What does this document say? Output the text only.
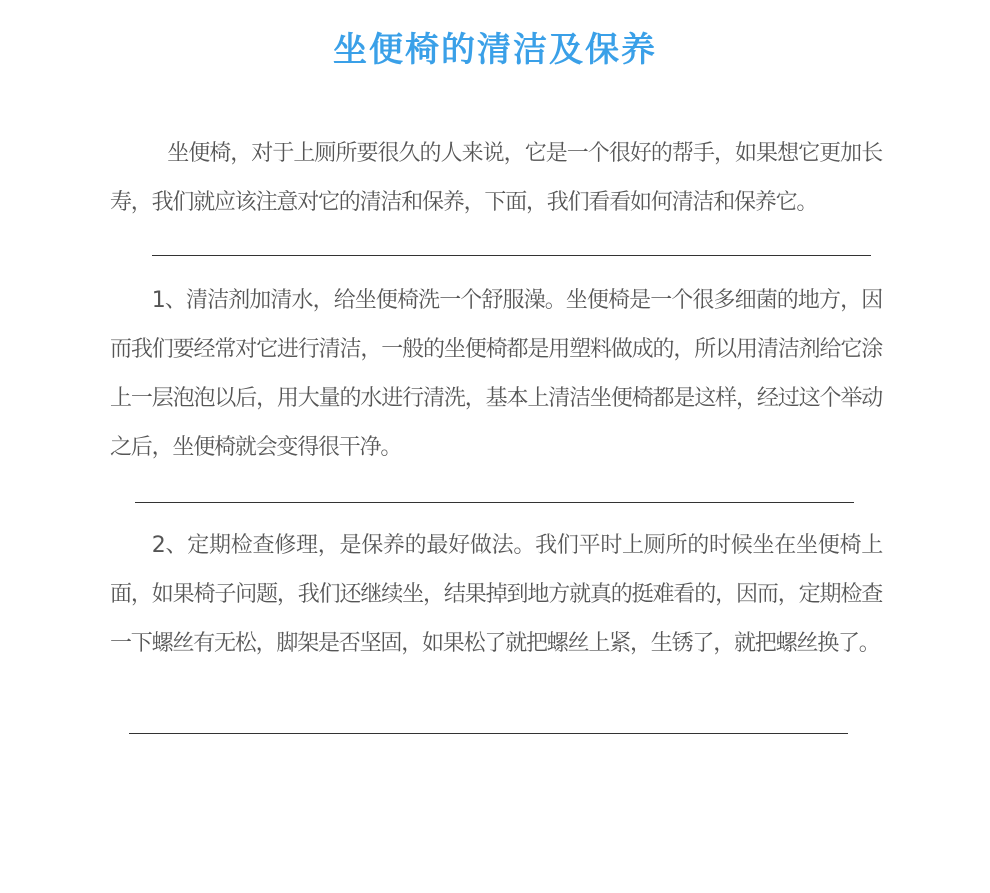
坐便椅的清洁及保养

坐便椅，对于上厕所要很久的人来说，它是一个很好的帮手，如果想它更加长寿，我们就应该注意对它的清洁和保养，下面，我们看看如何清洁和保养它。

1、清洁剂加清水，给坐便椅洗一个舒服澡。坐便椅是一个很多细菌的地方，因而我们要经常对它进行清洁，一般的坐便椅都是用塑料做成的，所以用清洁剂给它涂上一层泡泡以后，用大量的水进行清洗，基本上清洁坐便椅都是这样，经过这个举动之后，坐便椅就会变得很干净。

2、定期检查修理，是保养的最好做法。我们平时上厕所的时候坐在坐便椅上面，如果椅子问题，我们还继续坐，结果掉到地方就真的挺难看的，因而，定期检查一下螺丝有无松，脚架是否坚固，如果松了就把螺丝上紧，生锈了，就把螺丝换了。
